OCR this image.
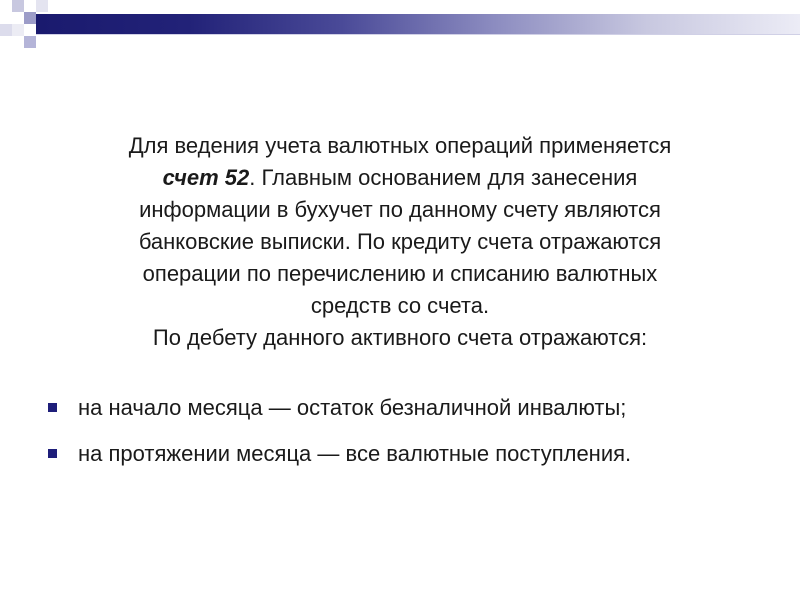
Для ведения учета валютных операций применяется
счет 52. Главным основанием для занесения
информации в бухучет по данному счету являются
банковские выписки. По кредиту счета отражаются
операции по перечислению и списанию валютных
средств со счета.
По дебету данного активного счета отражаются:
на начало месяца — остаток безналичной инвалюты;
на протяжении месяца — все валютные поступления.
